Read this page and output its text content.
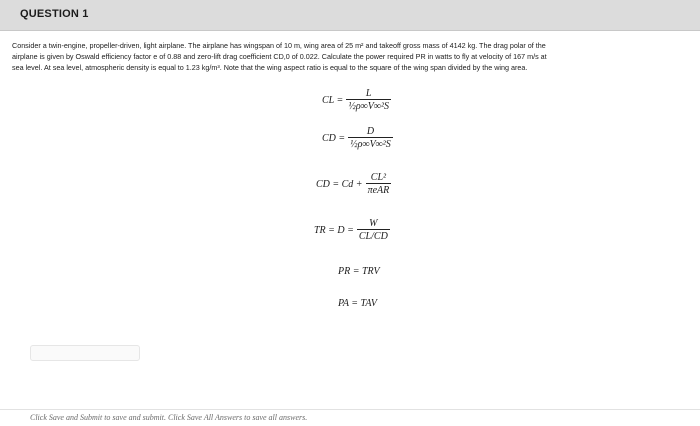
QUESTION 1
Consider a twin-engine, propeller-driven, light airplane. The airplane has wingspan of 10 m, wing area of 25 m² and takeoff gross mass of 4142 kg. The drag polar of the
airplane is given by Oswald efficiency factor e of 0.88 and zero-lift drag coefficient CD,0 of 0.022. Calculate the power required PR in watts to fly at velocity of 167 m/s at
sea level. At sea level, atmospheric density is equal to 1.23 kg/m³. Note that the wing aspect ratio is equal to the square of the wing span divided by the wing area.
CL = $\frac{L}{\text{½ρ∞V∞²S}}$
CD = $\frac{D}{\text{½ρ∞V∞²S}}$
CD = $Cd + \frac{\text{CL²}}{\text{πeAR}}$
TR = $D = \frac{W}{CL/CD}$
PR = TRV
PA = TAV
Click Save and Submit to save and submit. Click Save All Answers to save all answers.
